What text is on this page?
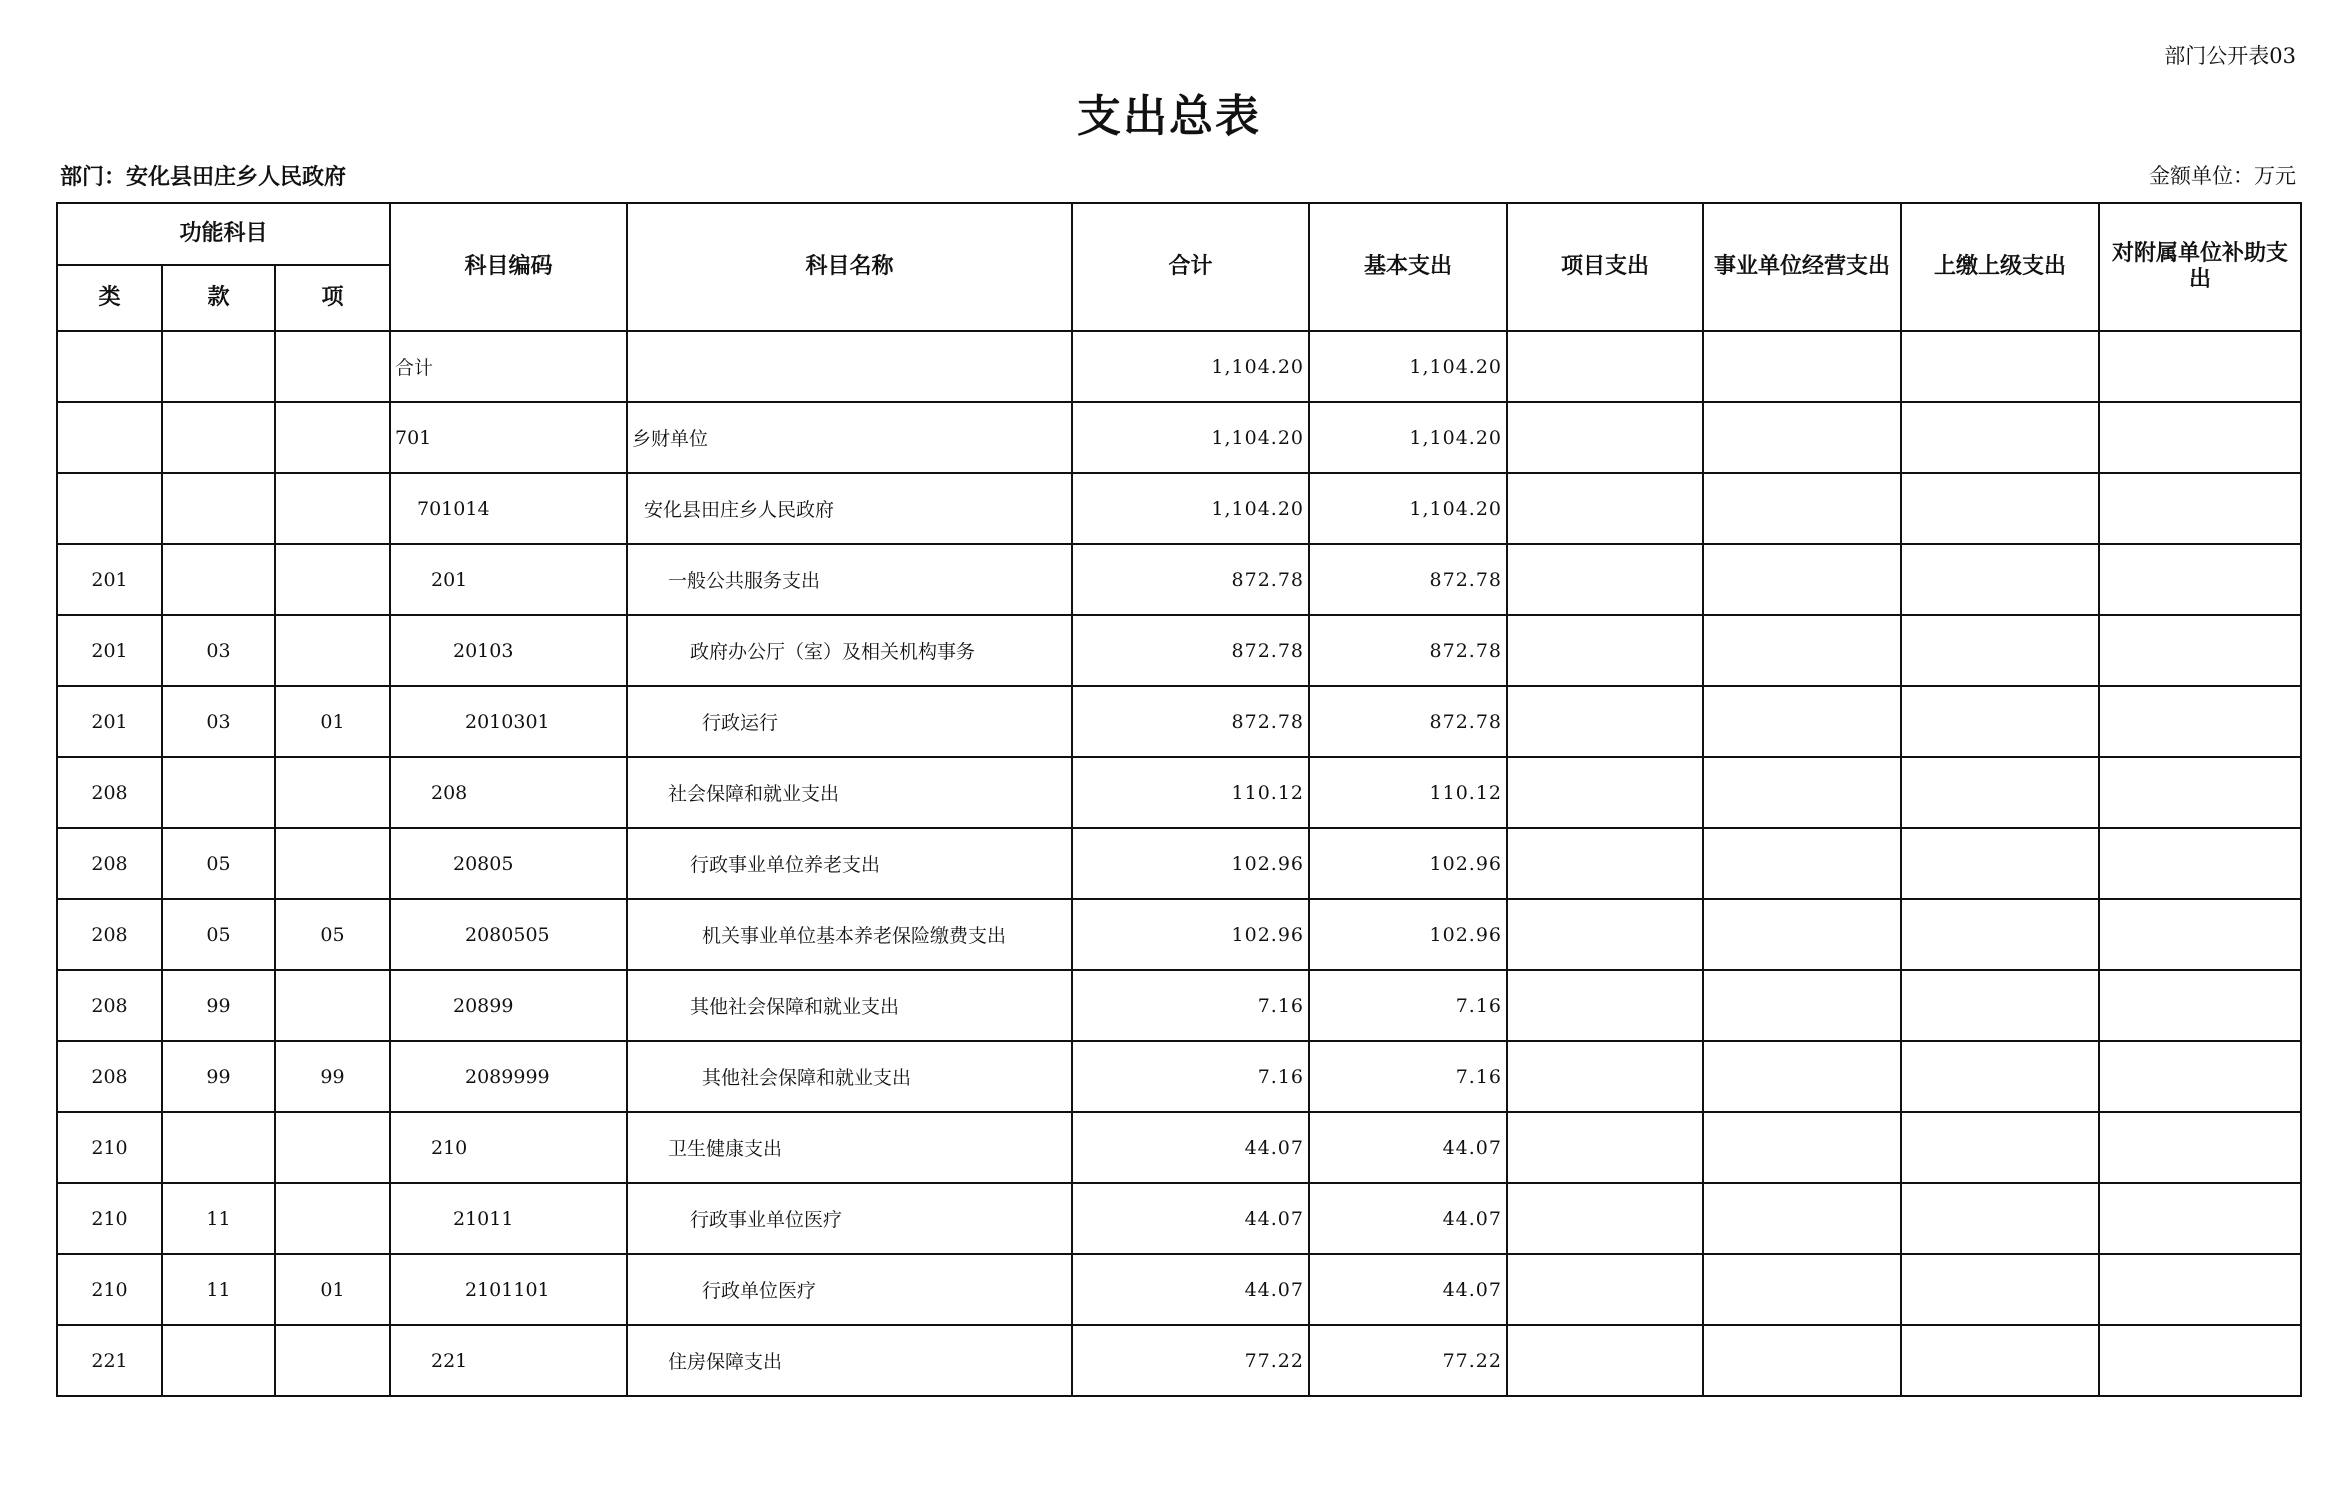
部门公开表03
支出总表
部门：安化县田庄乡人民政府	金额单位：万元
功能科目			科目编码	科目名称	合计	基本支出	项目支出	事业单位经营支出	上缴上级支出	对附属单位补助支出
类	款	项								
			合计		1,104.20	1,104.20				
			701	乡财单位	1,104.20	1,104.20				
			701014	安化县田庄乡人民政府	1,104.20	1,104.20				
201			201	一般公共服务支出	872.78	872.78				
201	03		20103	政府办公厅（室）及相关机构事务	872.78	872.78				
201	03	01	2010301	行政运行	872.78	872.78				
208			208	社会保障和就业支出	110.12	110.12				
208	05		20805	行政事业单位养老支出	102.96	102.96				
208	05	05	2080505	机关事业单位基本养老保险缴费支出	102.96	102.96				
208	99		20899	其他社会保障和就业支出	7.16	7.16				
208	99	99	2089999	其他社会保障和就业支出	7.16	7.16				
210			210	卫生健康支出	44.07	44.07				
210	11		21011	行政事业单位医疗	44.07	44.07				
210	11	01	2101101	行政单位医疗	44.07	44.07				
221			221	住房保障支出	77.22	77.22				
